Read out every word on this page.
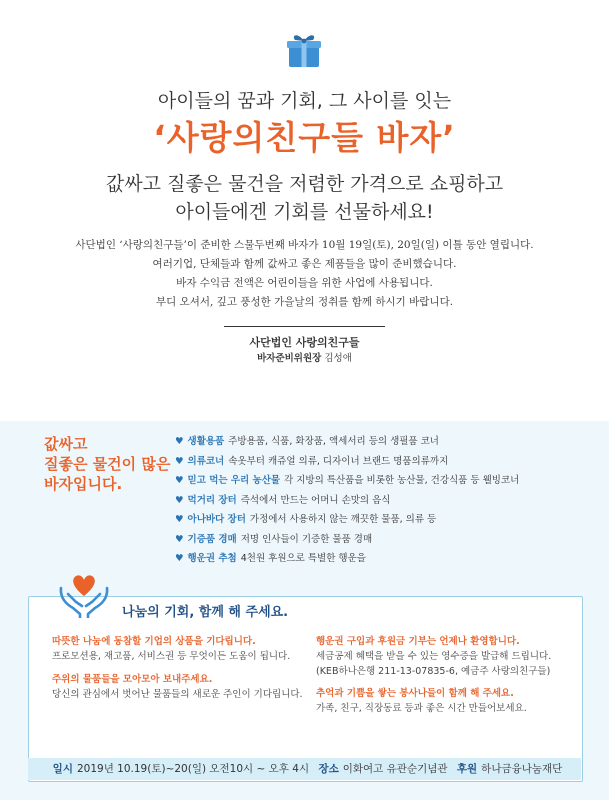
아이들의 꿈과 기회, 그 사이를 잇는
‘사랑의친구들 바자’
값싸고 질좋은 물건을 저렴한 가격으로 쇼핑하고
아이들에겐 기회를 선물하세요!
사단법인 ‘사랑의친구들’이 준비한 스물두번째 바자가 10월 19일(토), 20일(일) 이틀 동안 열립니다.
여러기업, 단체들과 함께 값싸고 좋은 제품들을 많이 준비했습니다.
바자 수익금 전액은 어린이들을 위한 사업에 사용됩니다.
부디 오셔서, 깊고 풍성한 가을날의 정취를 함께 하시기 바랍니다.
사단법인 사랑의친구들
바자준비위원장 김성애
값싸고
질좋은 물건이 많은
바자입니다.
♥ 생활용품 주방용품, 식품, 화장품, 액세서리 등의 생필품 코너
♥ 의류코너 속옷부터 캐쥬얼 의류, 디자이너 브랜드 명품의류까지
♥ 믿고 먹는 우리 농산물 각 지방의 특산품을 비롯한 농산물, 건강식품 등 웰빙코너
♥ 먹거리 장터 즉석에서 만드는 어머니 손맛의 음식
♥ 아나바다 장터 가정에서 사용하지 않는 깨끗한 물품, 의류 등
♥ 기증품 경매 저명 인사들이 기증한 물품 경매
♥ 행운권 추첨 4천원 후원으로 특별한 행운을
나눔의 기회, 함께 해 주세요.
따뜻한 나눔에 동참할 기업의 상품을 기다립니다.
프로모션용, 재고품, 서비스권 등 무엇이든 도움이 됩니다.
주위의 물품들을 모아모아 보내주세요.
당신의 관심에서 벗어난 물품들의 새로운 주인이 기다립니다.
행운권 구입과 후원금 기부는 언제나 환영합니다.
세금공제 혜택을 받을 수 있는 영수증을 발급해 드립니다.
(KEB하나은행 211-13-07835-6, 예금주 사랑의친구들)
추억과 기쁨을 쌓는 봉사나들이 함께 해 주세요.
가족, 친구, 직장동료 등과 좋은 시간 만들어보세요.
일시 2019년 10.19(토)~20(일) 오전10시 ~ 오후 4시 장소 이화여고 유관순기념관 후원 하나금융나눔재단
